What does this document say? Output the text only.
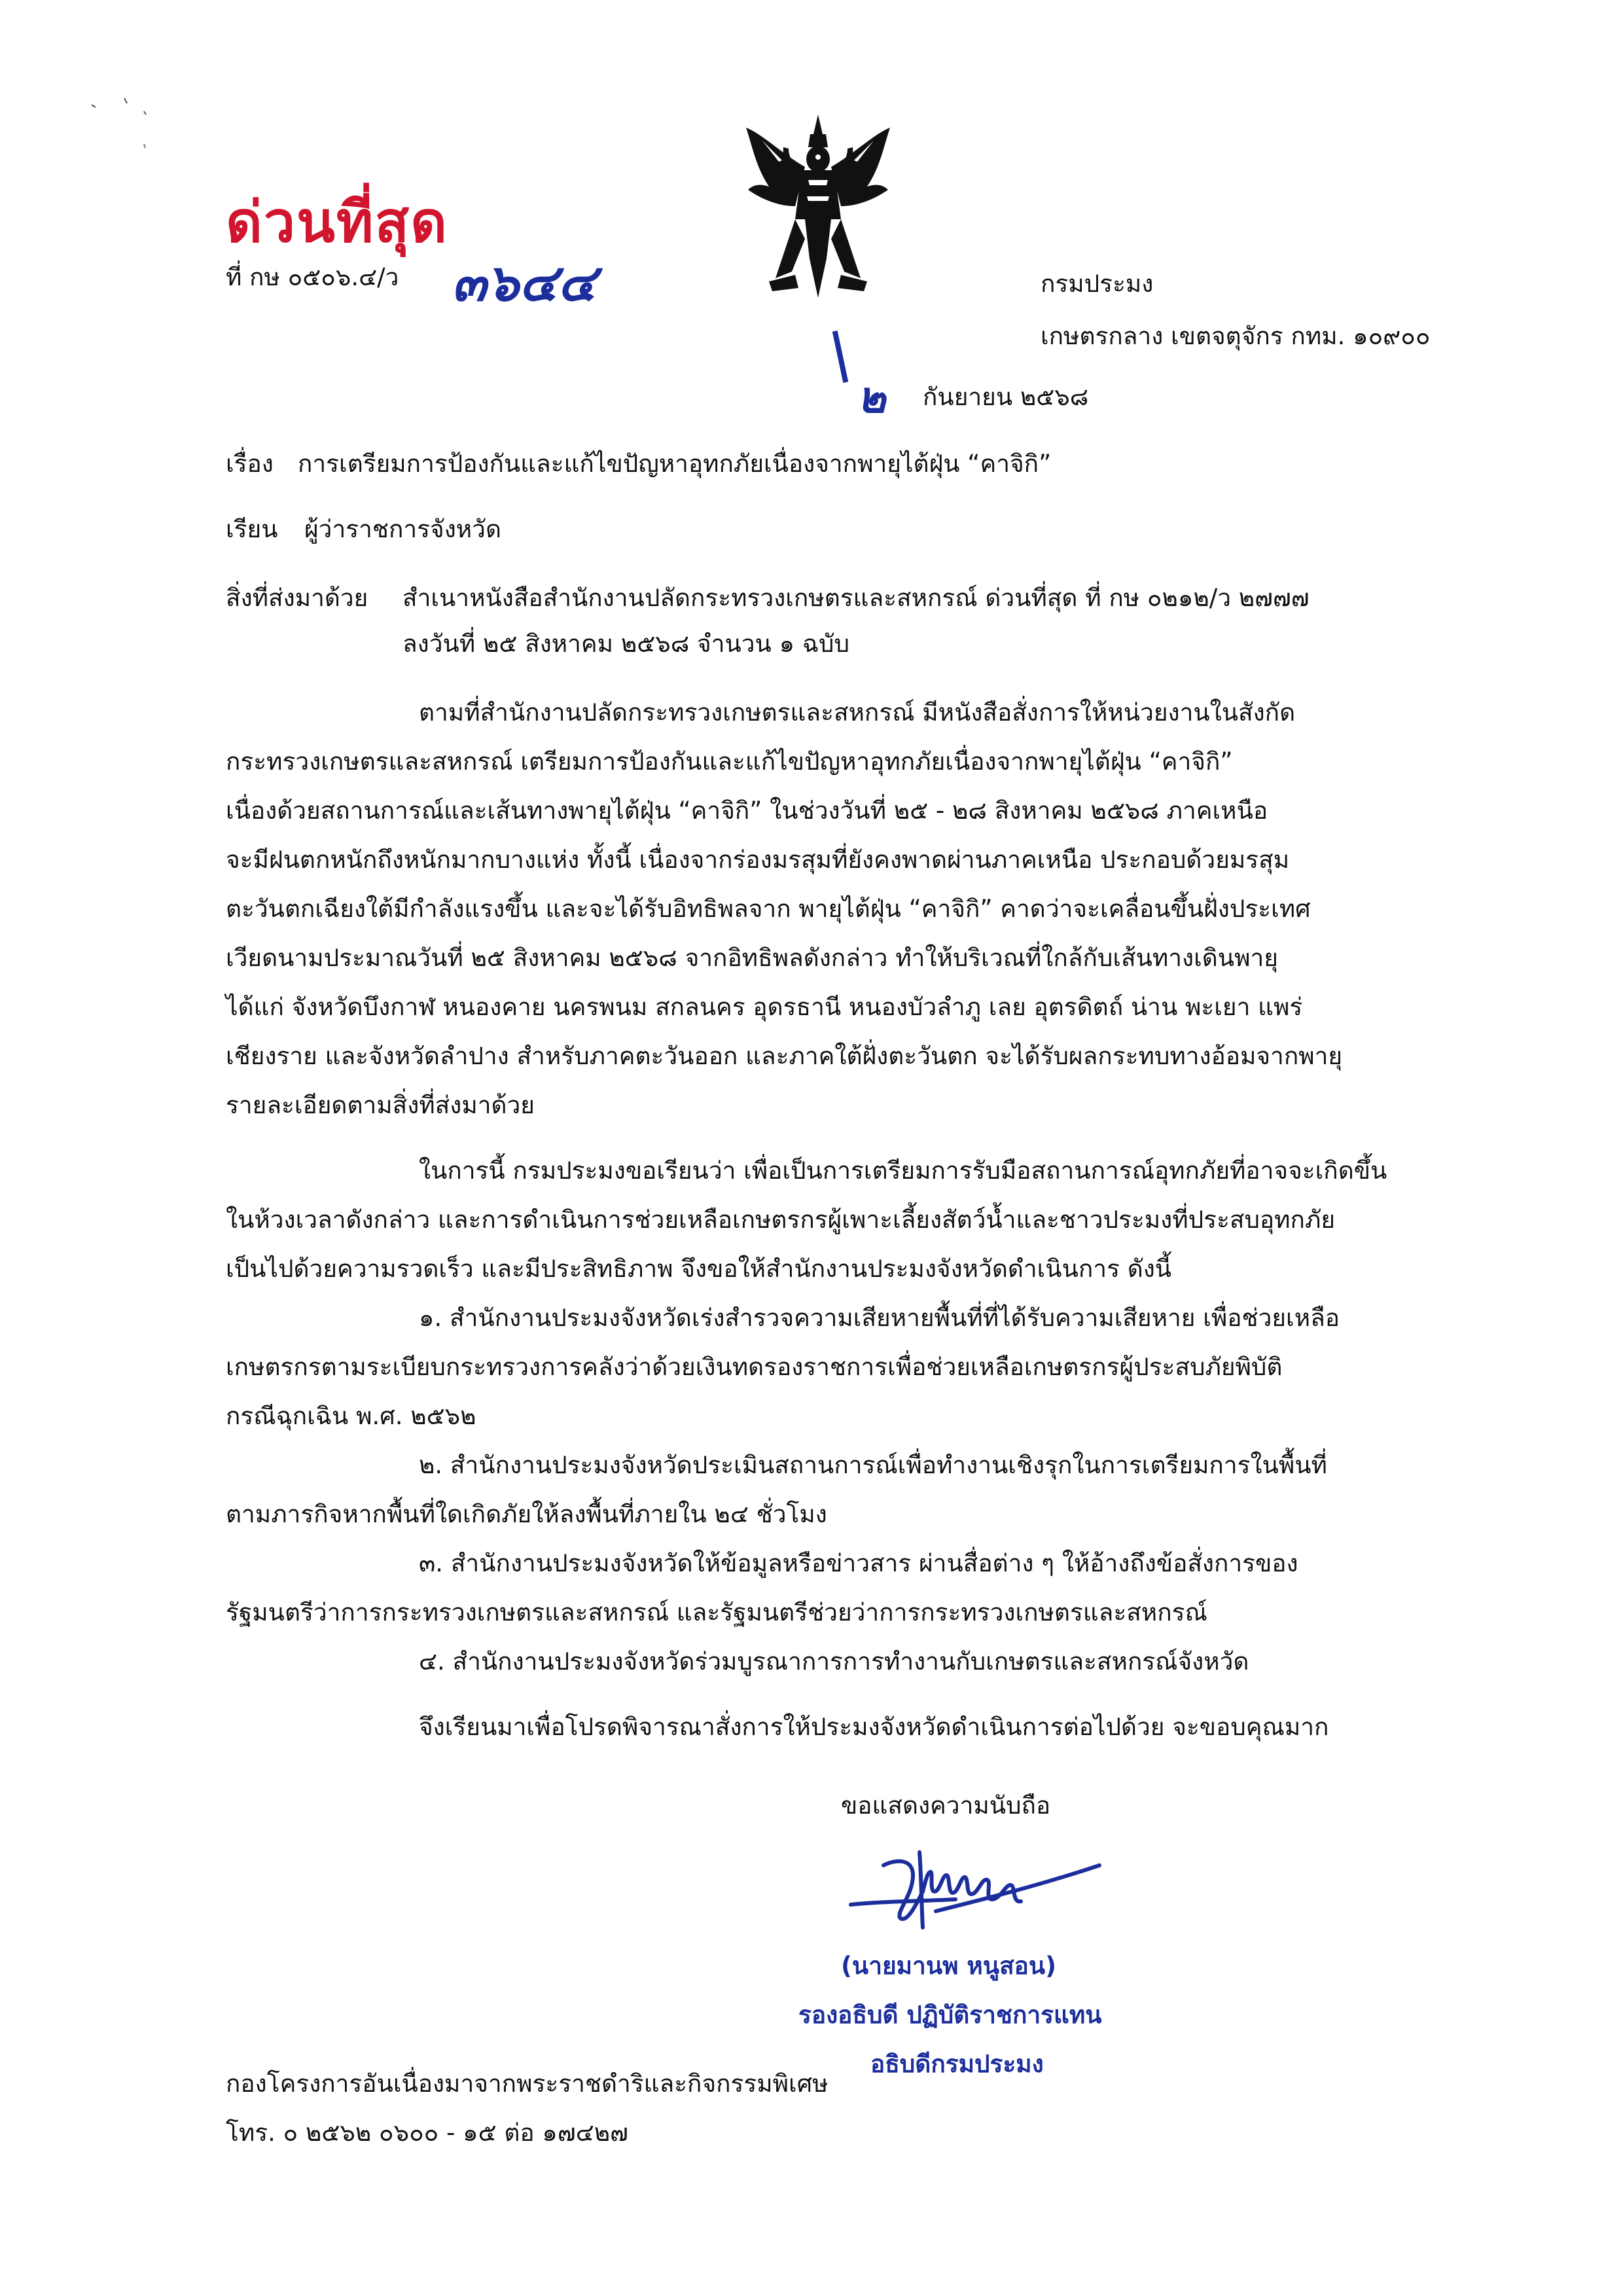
ด่วนที่สุด
ที่ กษ ๐๕๐๖.๔/ว ๓๖๔๔	กรมประมง
เกษตรกลาง เขตจตุจักร กทม. ๑๐๙๐๐
๒ กันยายน ๒๕๖๘
เรื่อง การเตรียมการป้องกันและแก้ไขปัญหาอุทกภัยเนื่องจากพายุไต้ฝุ่น “คาจิกิ”
เรียน ผู้ว่าราชการจังหวัด
สิ่งที่ส่งมาด้วย สำเนาหนังสือสำนักงานปลัดกระทรวงเกษตรและสหกรณ์ ด่วนที่สุด ที่ กษ ๐๒๑๒/ว ๒๗๗๗
ลงวันที่ ๒๕ สิงหาคม ๒๕๖๘ จำนวน ๑ ฉบับ
ตามที่สำนักงานปลัดกระทรวงเกษตรและสหกรณ์ มีหนังสือสั่งการให้หน่วยงานในสังกัด
กระทรวงเกษตรและสหกรณ์ เตรียมการป้องกันและแก้ไขปัญหาอุทกภัยเนื่องจากพายุไต้ฝุ่น “คาจิกิ”
เนื่องด้วยสถานการณ์และเส้นทางพายุไต้ฝุ่น “คาจิกิ” ในช่วงวันที่ ๒๕ - ๒๘ สิงหาคม ๒๕๖๘ ภาคเหนือ
จะมีฝนตกหนักถึงหนักมากบางแห่ง ทั้งนี้ เนื่องจากร่องมรสุมที่ยังคงพาดผ่านภาคเหนือ ประกอบด้วยมรสุม
ตะวันตกเฉียงใต้มีกำลังแรงขึ้น และจะได้รับอิทธิพลจาก พายุไต้ฝุ่น “คาจิกิ” คาดว่าจะเคลื่อนขึ้นฝั่งประเทศ
เวียดนามประมาณวันที่ ๒๕ สิงหาคม ๒๕๖๘ จากอิทธิพลดังกล่าว ทำให้บริเวณที่ใกล้กับเส้นทางเดินพายุ
ได้แก่ จังหวัดบึงกาฬ หนองคาย นครพนม สกลนคร อุดรธานี หนองบัวลำภู เลย อุตรดิตถ์ น่าน พะเยา แพร่
เชียงราย และจังหวัดลำปาง สำหรับภาคตะวันออก และภาคใต้ฝั่งตะวันตก จะได้รับผลกระทบทางอ้อมจากพายุ
รายละเอียดตามสิ่งที่ส่งมาด้วย
ในการนี้ กรมประมงขอเรียนว่า เพื่อเป็นการเตรียมการรับมือสถานการณ์อุทกภัยที่อาจจะเกิดขึ้น
ในห้วงเวลาดังกล่าว และการดำเนินการช่วยเหลือเกษตรกรผู้เพาะเลี้ยงสัตว์น้ำและชาวประมงที่ประสบอุทกภัย
เป็นไปด้วยความรวดเร็ว และมีประสิทธิภาพ จึงขอให้สำนักงานประมงจังหวัดดำเนินการ ดังนี้
๑. สำนักงานประมงจังหวัดเร่งสำรวจความเสียหายพื้นที่ที่ได้รับความเสียหาย เพื่อช่วยเหลือ
เกษตรกรตามระเบียบกระทรวงการคลังว่าด้วยเงินทดรองราชการเพื่อช่วยเหลือเกษตรกรผู้ประสบภัยพิบัติ
กรณีฉุกเฉิน พ.ศ. ๒๕๖๒
๒. สำนักงานประมงจังหวัดประเมินสถานการณ์เพื่อทำงานเชิงรุกในการเตรียมการในพื้นที่
ตามภารกิจหากพื้นที่ใดเกิดภัยให้ลงพื้นที่ภายใน ๒๔ ชั่วโมง
๓. สำนักงานประมงจังหวัดให้ข้อมูลหรือข่าวสาร ผ่านสื่อต่าง ๆ ให้อ้างถึงข้อสั่งการของ
รัฐมนตรีว่าการกระทรวงเกษตรและสหกรณ์ และรัฐมนตรีช่วยว่าการกระทรวงเกษตรและสหกรณ์
๔. สำนักงานประมงจังหวัดร่วมบูรณาการการทำงานกับเกษตรและสหกรณ์จังหวัด
จึงเรียนมาเพื่อโปรดพิจารณาสั่งการให้ประมงจังหวัดดำเนินการต่อไปด้วย จะขอบคุณมาก
ขอแสดงความนับถือ
(นายมานพ หนูสอน)
รองอธิบดี ปฏิบัติราชการแทน
อธิบดีกรมประมง
กองโครงการอันเนื่องมาจากพระราชดำริและกิจกรรมพิเศษ
โทร. ๐ ๒๕๖๒ ๐๖๐๐ - ๑๕ ต่อ ๑๗๔๒๗
